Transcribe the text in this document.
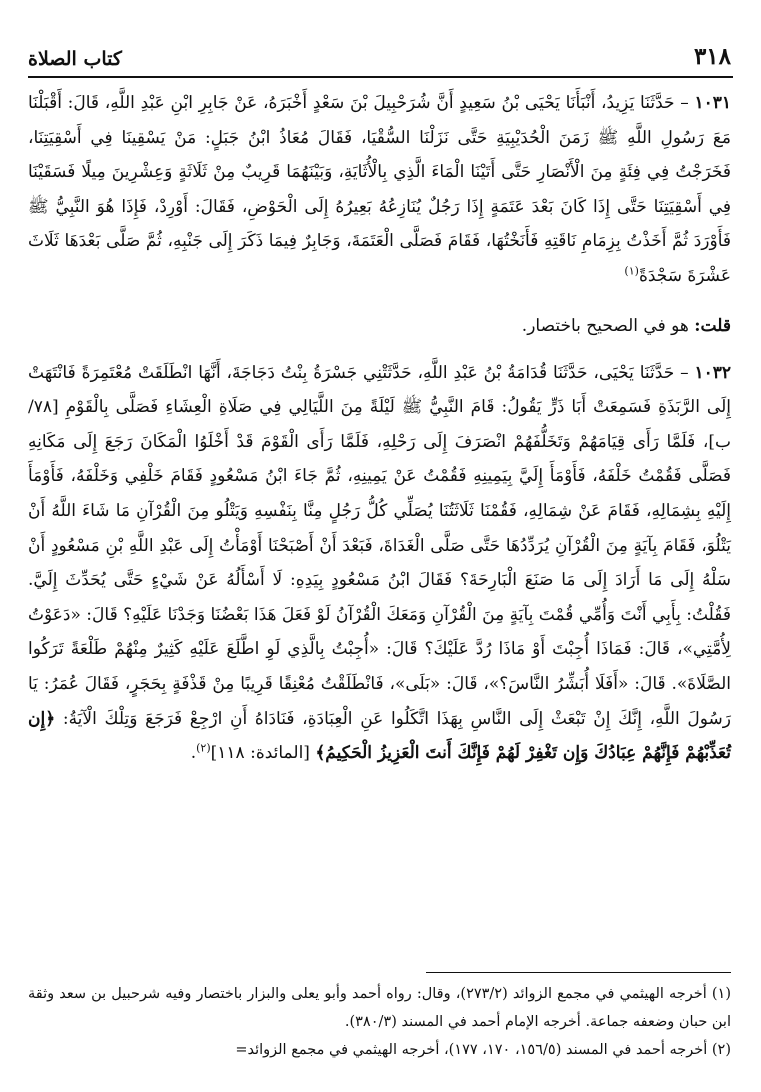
٣١٨
كتاب الصلاة

١٠٣١ – حَدَّثَنَا يَزِيدُ، أَنْبَأَنَا يَحْيَى بْنُ سَعِيدٍ أَنَّ شُرَحْبِيلَ بْنَ سَعْدٍ أَخْبَرَهُ، عَنْ جَابِرِ ابْنِ عَبْدِ اللَّهِ، قَالَ: أَقْبَلْنَا مَعَ رَسُولِ اللَّهِ ﷺ زَمَنَ الْحُدَيْبِيَةِ حَتَّى نَزَلْنَا السُّقْيَا، فَقَالَ مُعَاذُ ابْنُ جَبَلٍ: مَنْ يَسْقِينَا فِي أَسْقِيَتِنَا، فَخَرَجْتُ فِي فِئَةٍ مِنَ الْأَنْصَارِ حَتَّى أَتَيْنَا الْمَاءَ الَّذِي بِالْأُثَايَةِ، وَبَيْنَهُمَا قَرِيبٌ مِنْ ثَلَاثَةٍ وَعِشْرِينَ مِيلًا فَسَقَيْنَا فِي أَسْقِيَتِنَا حَتَّى إِذَا كَانَ بَعْدَ عَتَمَةٍ إِذَا رَجُلٌ يُنَازِعُهُ بَعِيرُهُ إِلَى الْحَوْضِ، فَقَالَ: أَوْرِدْ، فَإِذَا هُوَ النَّبِيُّ ﷺ فَأَوْرَدَ ثُمَّ أَخَذْتُ بِزِمَامِ نَاقَتِهِ فَأَنَخْتُهَا، فَقَامَ فَصَلَّى الْعَتَمَةَ، وَجَابِرٌ فِيمَا ذَكَرَ إِلَى جَنْبِهِ، ثُمَّ صَلَّى بَعْدَهَا ثَلَاثَ عَشْرَةَ سَجْدَةً$^{(١)}$

قلت: هو في الصحيح باختصار.

١٠٣٢ – حَدَّثَنَا يَحْيَى، حَدَّثَنَا قُدَامَةُ بْنُ عَبْدِ اللَّهِ، حَدَّثَتْنِي جَسْرَةُ بِنْتُ دَجَاجَةَ، أَنَّهَا انْطَلَقَتْ مُعْتَمِرَةً فَانْتَهَتْ إِلَى الرَّبَذَةِ فَسَمِعَتْ أَبَا ذَرٍّ يَقُولُ: قَامَ النَّبِيُّ ﷺ لَيْلَةً مِنَ اللَّيَالِي فِي صَلَاةِ الْعِشَاءِ فَصَلَّى بِالْقَوْمِ [٧٨/ب]، فَلَمَّا رَأَى قِيَامَهُمْ وَتَخَلُّفَهُمْ انْصَرَفَ إِلَى رَحْلِهِ، فَلَمَّا رَأَى الْقَوْمَ قَدْ أَخْلَوُا الْمَكَانَ رَجَعَ إِلَى مَكَانِهِ فَصَلَّى فَقُمْتُ خَلْفَهُ، فَأَوْمَأَ إِلَيَّ بِيَمِينِهِ فَقُمْتُ عَنْ يَمِينِهِ، ثُمَّ جَاءَ ابْنُ مَسْعُودٍ فَقَامَ خَلْفِي وَخَلْفَهُ، فَأَوْمَأَ إِلَيْهِ بِشِمَالِهِ، فَقَامَ عَنْ شِمَالِهِ، فَقُمْنَا ثَلَاثَتُنَا يُصَلِّي كُلُّ رَجُلٍ مِنَّا بِنَفْسِهِ وَيَتْلُو مِنَ الْقُرْآنِ مَا شَاءَ اللَّهُ أَنْ يَتْلُوَ، فَقَامَ بِآيَةٍ مِنَ الْقُرْآنِ يُرَدِّدُهَا حَتَّى صَلَّى الْغَدَاةَ، فَبَعْدَ أَنْ أَصْبَحْنَا أَوْمَأْتُ إِلَى عَبْدِ اللَّهِ بْنِ مَسْعُودٍ أَنْ سَلْهُ إِلَى مَا أَرَادَ إِلَى مَا صَنَعَ الْبَارِحَةَ؟ فَقَالَ ابْنُ مَسْعُودٍ بِيَدِهِ: لَا أَسْأَلُهُ عَنْ شَيْءٍ حَتَّى يُحَدِّثَ إِلَيَّ. فَقُلْتُ: بِأَبِي أَنْتَ وَأُمِّي قُمْتَ بِآيَةٍ مِنَ الْقُرْآنِ وَمَعَكَ الْقُرْآنُ لَوْ فَعَلَ هَذَا بَعْضُنَا وَجَدْنَا عَلَيْهِ؟ قَالَ: «دَعَوْتُ لِأُمَّتِي»، قَالَ: فَمَاذَا أُجِبْتَ أَوْ مَاذَا رُدَّ عَلَيْكَ؟ قَالَ: «أُجِبْتُ بِالَّذِي لَوِ اطَّلَعَ عَلَيْهِ كَثِيرٌ مِنْهُمْ طَلْعَةً تَرَكُوا الصَّلَاةَ». قَالَ: «أَفَلَا أُبَشِّرُ النَّاسَ؟»، قَالَ: «بَلَى»، فَانْطَلَقْتُ مُعْنِقًا قَرِيبًا مِنْ قَذْفَةٍ بِحَجَرٍ، فَقَالَ عُمَرُ: يَا رَسُولَ اللَّهِ، إِنَّكَ إِنْ تَبْعَثْ إِلَى النَّاسِ بِهَذَا اتَّكَلُوا عَنِ الْعِبَادَةِ، فَنَادَاهُ أَنِ ارْجِعْ فَرَجَعَ وَتِلْكَ الْآيَةُ: ﴿إِن تُعَذِّبْهُمْ فَإِنَّهُمْ عِبَادُكَ وَإِن تَغْفِرْ لَهُمْ فَإِنَّكَ أَنتَ الْعَزِيزُ الْحَكِيمُ﴾ [المائدة: ١١٨]$^{(٢)}$.

(١) أخرجه الهيثمي في مجمع الزوائد (٢٧٣/٢)، وقال: رواه أحمد وأبو يعلى والبزار باختصار وفيه شرحبيل بن سعد وثقة ابن حبان وضعفه جماعة. أخرجه الإمام أحمد في المسند (٣٨٠/٣).

(٢) أخرجه أحمد في المسند (١٥٦/٥، ١٧٠، ١٧٧)، أخرجه الهيثمي في مجمع الزوائد=
